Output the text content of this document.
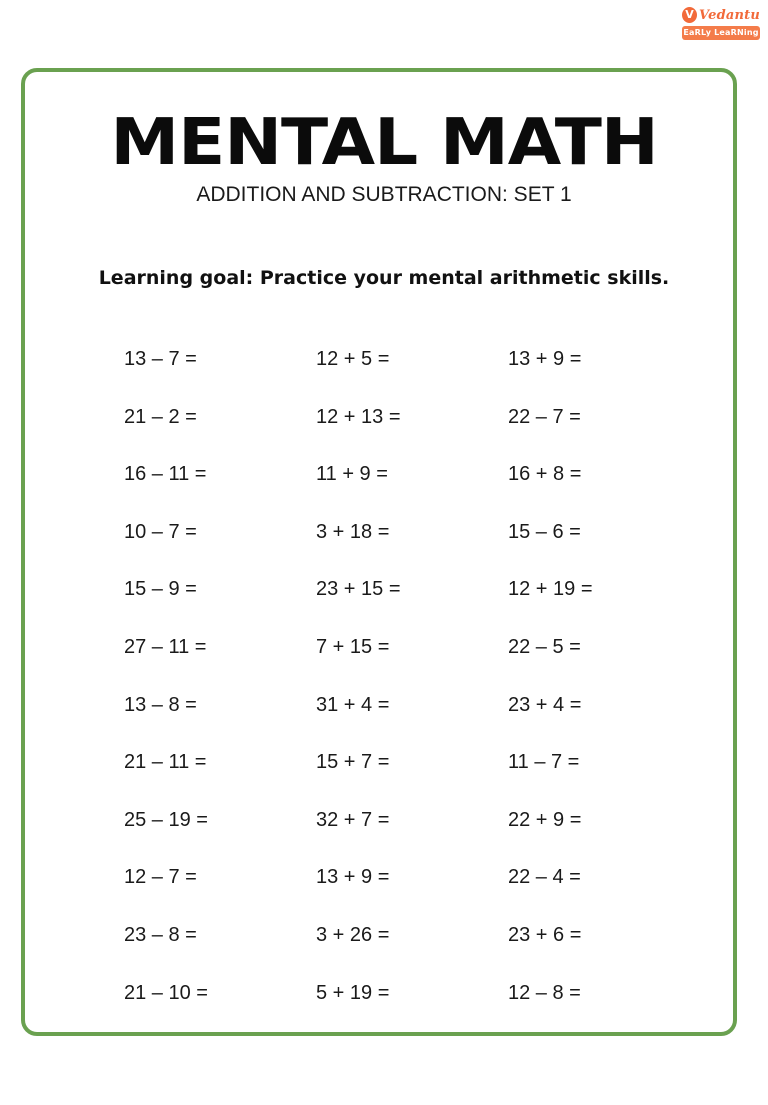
V Vedantu
EaRLy LeaRNing
MENTAL MATH
ADDITION AND SUBTRACTION: SET 1
Learning goal: Practice your mental arithmetic skills.
13 – 7 =	12 + 5 =	13 + 9 =
21 – 2 =	12 + 13 =	22 – 7 =
16 – 11 =	11 + 9 =	16 + 8 =
10 – 7 =	3 + 18 =	15 – 6 =
15 – 9 =	23 + 15 =	12 + 19 =
27 – 11 =	7 + 15 =	22 – 5 =
13 – 8 =	31 + 4 =	23 + 4 =
21 – 11 =	15 + 7 =	11 – 7 =
25 – 19 =	32 + 7 =	22 + 9 =
12 – 7 =	13 + 9 =	22 – 4 =
23 – 8 =	3 + 26 =	23 + 6 =
21 – 10 =	5 + 19 =	12 – 8 =
